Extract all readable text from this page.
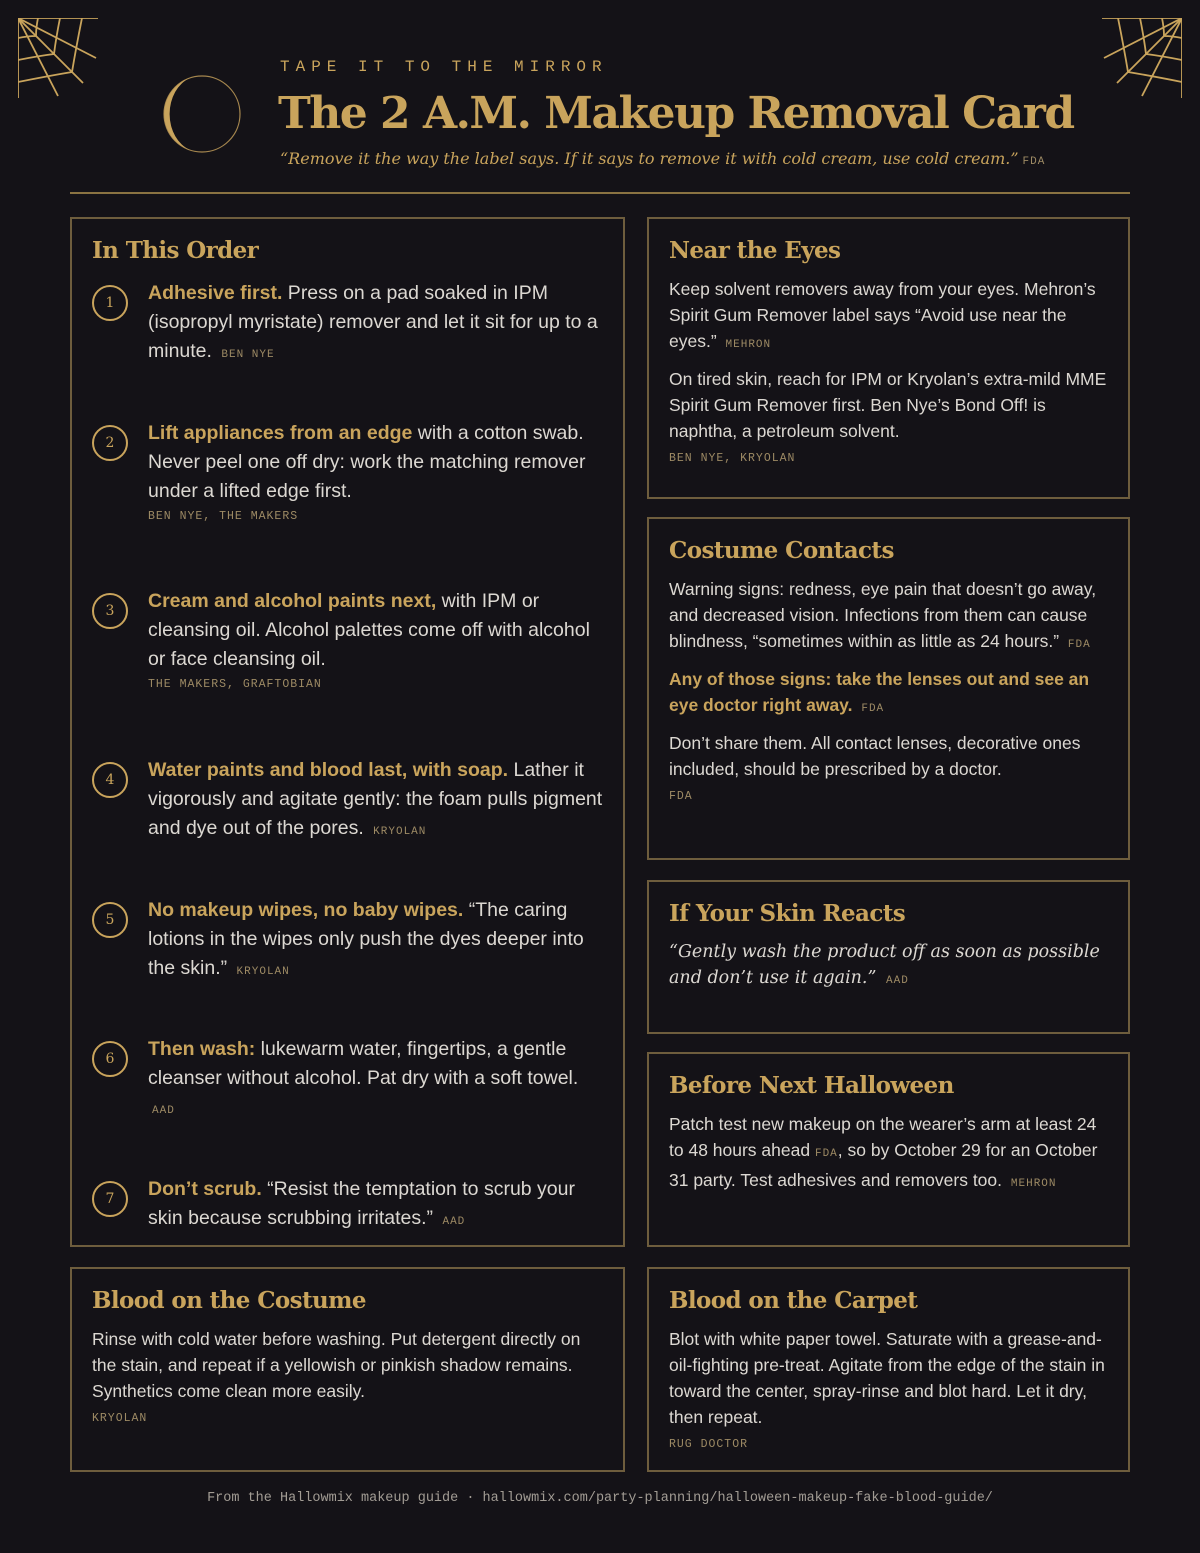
TAPE IT TO THE MIRROR
The 2 A.M. Makeup Removal Card
“Remove it the way the label says. If it says to remove it with cold cream, use cold cream.” FDA
In This Order
1	Adhesive first. Press on a pad soaked in IPM (isopropyl myristate) remover and let it sit for up to a minute. BEN NYE
2	Lift appliances from an edge with a cotton swab. Never peel one off dry: work the matching remover under a lifted edge first.
BEN NYE, THE MAKERS
3	Cream and alcohol paints next, with IPM or cleansing oil. Alcohol palettes come off with alcohol or face cleansing oil.
THE MAKERS, GRAFTOBIAN
4	Water paints and blood last, with soap. Lather it vigorously and agitate gently: the foam pulls pigment and dye out of the pores. KRYOLAN
5	No makeup wipes, no baby wipes. “The caring lotions in the wipes only push the dyes deeper into the skin.” KRYOLAN
6	Then wash: lukewarm water, fingertips, a gentle cleanser without alcohol. Pat dry with a soft towel. AAD
7	Don’t scrub. “Resist the temptation to scrub your skin because scrubbing irritates.” AAD
Near the Eyes

Keep solvent removers away from your eyes. Mehron’s Spirit Gum Remover label says “Avoid use near the eyes.” MEHRON

On tired skin, reach for IPM or Kryolan’s extra-mild MME Spirit Gum Remover first. Ben Nye’s Bond Off! is naphtha, a petroleum solvent.

BEN NYE, KRYOLAN
Costume Contacts

Warning signs: redness, eye pain that doesn’t go away, and decreased vision. Infections from them can cause blindness, “sometimes within as little as 24 hours.” FDA

Any of those signs: take the lenses out and see an eye doctor right away. FDA

Don’t share them. All contact lenses, decorative ones included, should be prescribed by a doctor.

FDA
If Your Skin Reacts

“Gently wash the product off as soon as possible and don’t use it again.” AAD

Before Next Halloween

Patch test new makeup on the wearer’s arm at least 24 to 48 hours ahead FDA, so by October 29 for an October 31 party. Test adhesives and removers too. MEHRON

Blood on the Costume

Rinse with cold water before washing. Put detergent directly on the stain, and repeat if a yellowish or pinkish shadow remains. Synthetics come clean more easily.

KRYOLAN
Blood on the Carpet

Blot with white paper towel. Saturate with a grease-and-oil-fighting pre-treat. Agitate from the edge of the stain in toward the center, spray-rinse and blot hard. Let it dry, then repeat.

RUG DOCTOR
From the Hallowmix makeup guide · hallowmix.com/party-planning/halloween-makeup-fake-blood-guide/
